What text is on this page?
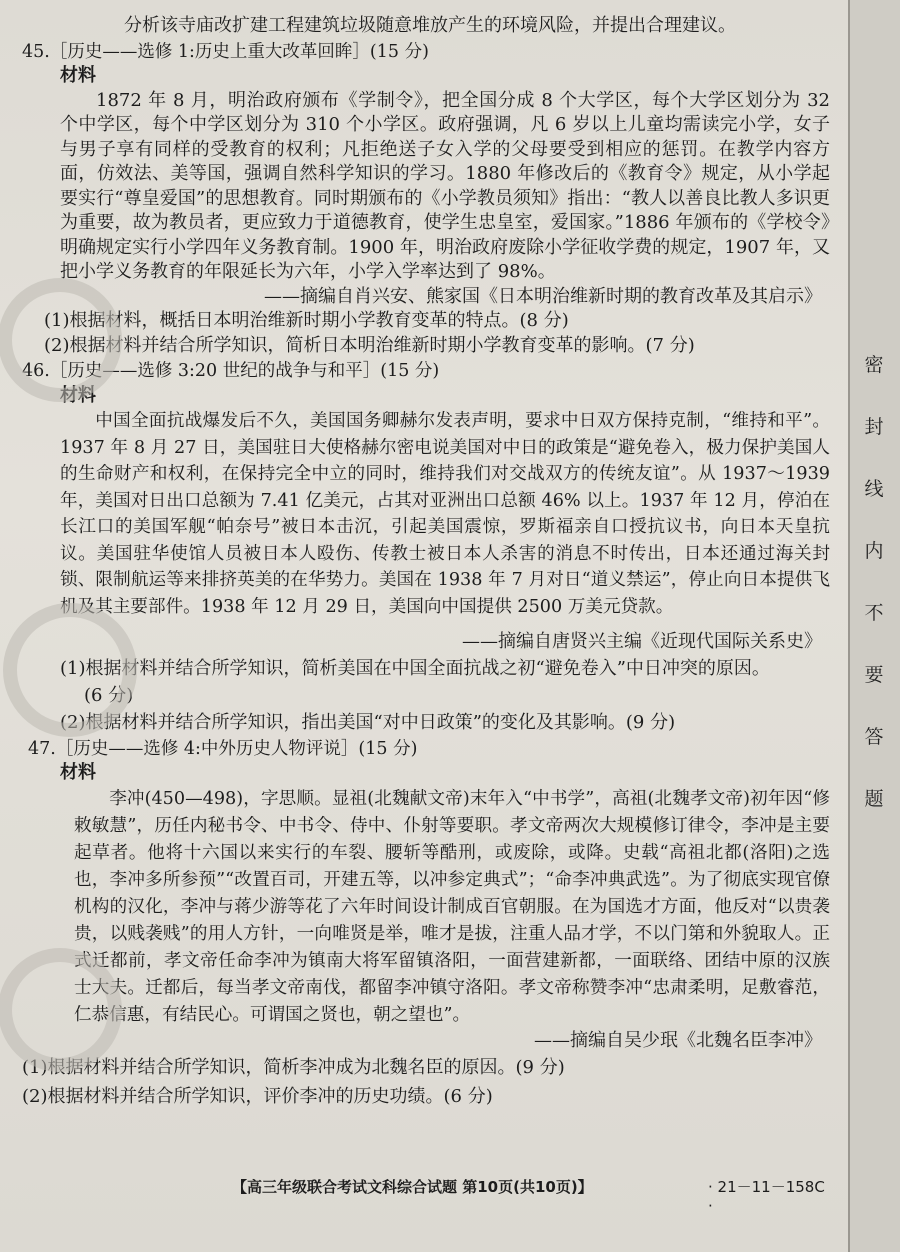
分析该寺庙改扩建工程建筑垃圾随意堆放产生的环境风险，并提出合理建议。
45.［历史——选修 1:历史上重大改革回眸］(15 分)
材料
1872 年 8 月，明治政府颁布《学制令》，把全国分成 8 个大学区，每个大学区划分为 32 个中学区，每个中学区划分为 310 个小学区。政府强调，凡 6 岁以上儿童均需读完小学，女子与男子享有同样的受教育的权利；凡拒绝送子女入学的父母要受到相应的惩罚。在教学内容方面，仿效法、美等国，强调自然科学知识的学习。1880 年修改后的《教育令》规定，从小学起要实行“尊皇爱国”的思想教育。同时期颁布的《小学教员须知》指出：“教人以善良比教人多识更为重要，故为教员者，更应致力于道德教育，使学生忠皇室，爱国家。”1886 年颁布的《学校令》明确规定实行小学四年义务教育制。1900 年，明治政府废除小学征收学费的规定，1907 年，又把小学义务教育的年限延长为六年，小学入学率达到了 98%。
——摘编自肖兴安、熊家国《日本明治维新时期的教育改革及其启示》
(1)根据材料，概括日本明治维新时期小学教育变革的特点。(8 分)
(2)根据材料并结合所学知识，简析日本明治维新时期小学教育变革的影响。(7 分)
46.［历史——选修 3:20 世纪的战争与和平］(15 分)
材料
中国全面抗战爆发后不久，美国国务卿赫尔发表声明，要求中日双方保持克制，“维持和平”。1937 年 8 月 27 日，美国驻日大使格赫尔密电说美国对中日的政策是“避免卷入，极力保护美国人的生命财产和权利，在保持完全中立的同时，维持我们对交战双方的传统友谊”。从 1937～1939 年，美国对日出口总额为 7.41 亿美元，占其对亚洲出口总额 46% 以上。1937 年 12 月，停泊在长江口的美国军舰“帕奈号”被日本击沉，引起美国震惊，罗斯福亲自口授抗议书，向日本天皇抗议。美国驻华使馆人员被日本人殴伤、传教士被日本人杀害的消息不时传出，日本还通过海关封锁、限制航运等来排挤英美的在华势力。美国在 1938 年 7 月对日“道义禁运”，停止向日本提供飞机及其主要部件。1938 年 12 月 29 日，美国向中国提供 2500 万美元贷款。
——摘编自唐贤兴主编《近现代国际关系史》
(1)根据材料并结合所学知识，简析美国在中国全面抗战之初“避免卷入”中日冲突的原因。
(6 分)
(2)根据材料并结合所学知识，指出美国“对中日政策”的变化及其影响。(9 分)
47.［历史——选修 4:中外历史人物评说］(15 分)
材料
李冲(450—498)，字思顺。显祖(北魏献文帝)末年入“中书学”，高祖(北魏孝文帝)初年因“修敕敏慧”，历任内秘书令、中书令、侍中、仆射等要职。孝文帝两次大规模修订律令，李冲是主要起草者。他将十六国以来实行的车裂、腰斩等酷刑，或废除，或降。史载“高祖北都(洛阳)之选也，李冲多所参预”“改置百司，开建五等，以冲参定典式”；“命李冲典武选”。为了彻底实现官僚机构的汉化，李冲与蒋少游等花了六年时间设计制成百官朝服。在为国选才方面，他反对“以贵袭贵，以贱袭贱”的用人方针，一向唯贤是举，唯才是拔，注重人品才学，不以门第和外貌取人。正式迁都前，孝文帝任命李冲为镇南大将军留镇洛阳，一面营建新都，一面联络、团结中原的汉族士大夫。迁都后，每当孝文帝南伐，都留李冲镇守洛阳。孝文帝称赞李冲“忠肃柔明，足敷睿范，仁恭信惠，有结民心。可谓国之贤也，朝之望也”。
——摘编自吴少珉《北魏名臣李冲》
(1)根据材料并结合所学知识，简析李冲成为北魏名臣的原因。(9 分)
(2)根据材料并结合所学知识，评价李冲的历史功绩。(6 分)
【高三年级联合考试文科综合试题 第10页(共10页)】	· 21－11－158C ·
密
封
线
内
不
要
答
题
